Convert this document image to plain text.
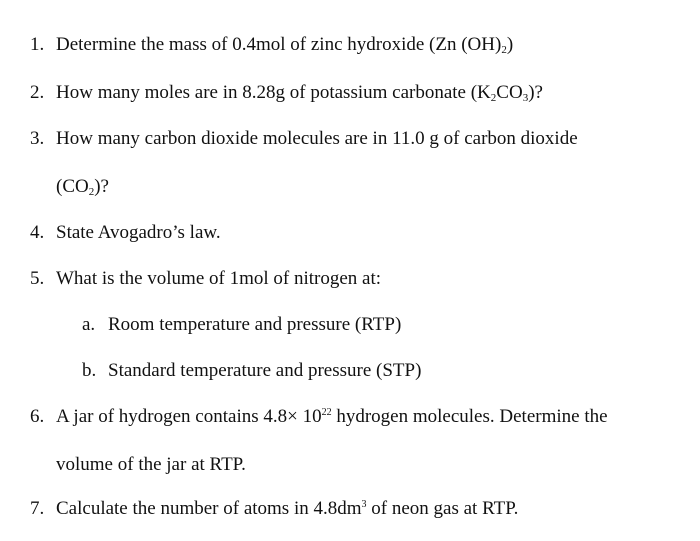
1. Determine the mass of 0.4mol of zinc hydroxide (Zn $(OH)_2$)
2. How many moles are in 8.28g of potassium carbonate $(K_2CO_3)$?
3. How many carbon dioxide molecules are in 11.0 g of carbon dioxide
$(CO_2)$?
4. State Avogadro’s law.
5. What is the volume of 1mol of nitrogen at:
a. Room temperature and pressure (RTP)
b. Standard temperature and pressure (STP)
6. A jar of hydrogen contains $4.8\times 10^{22}$ hydrogen molecules. Determine the
volume of the jar at RTP.
7. Calculate the number of atoms in $4.8dm^3$ of neon gas at RTP.
